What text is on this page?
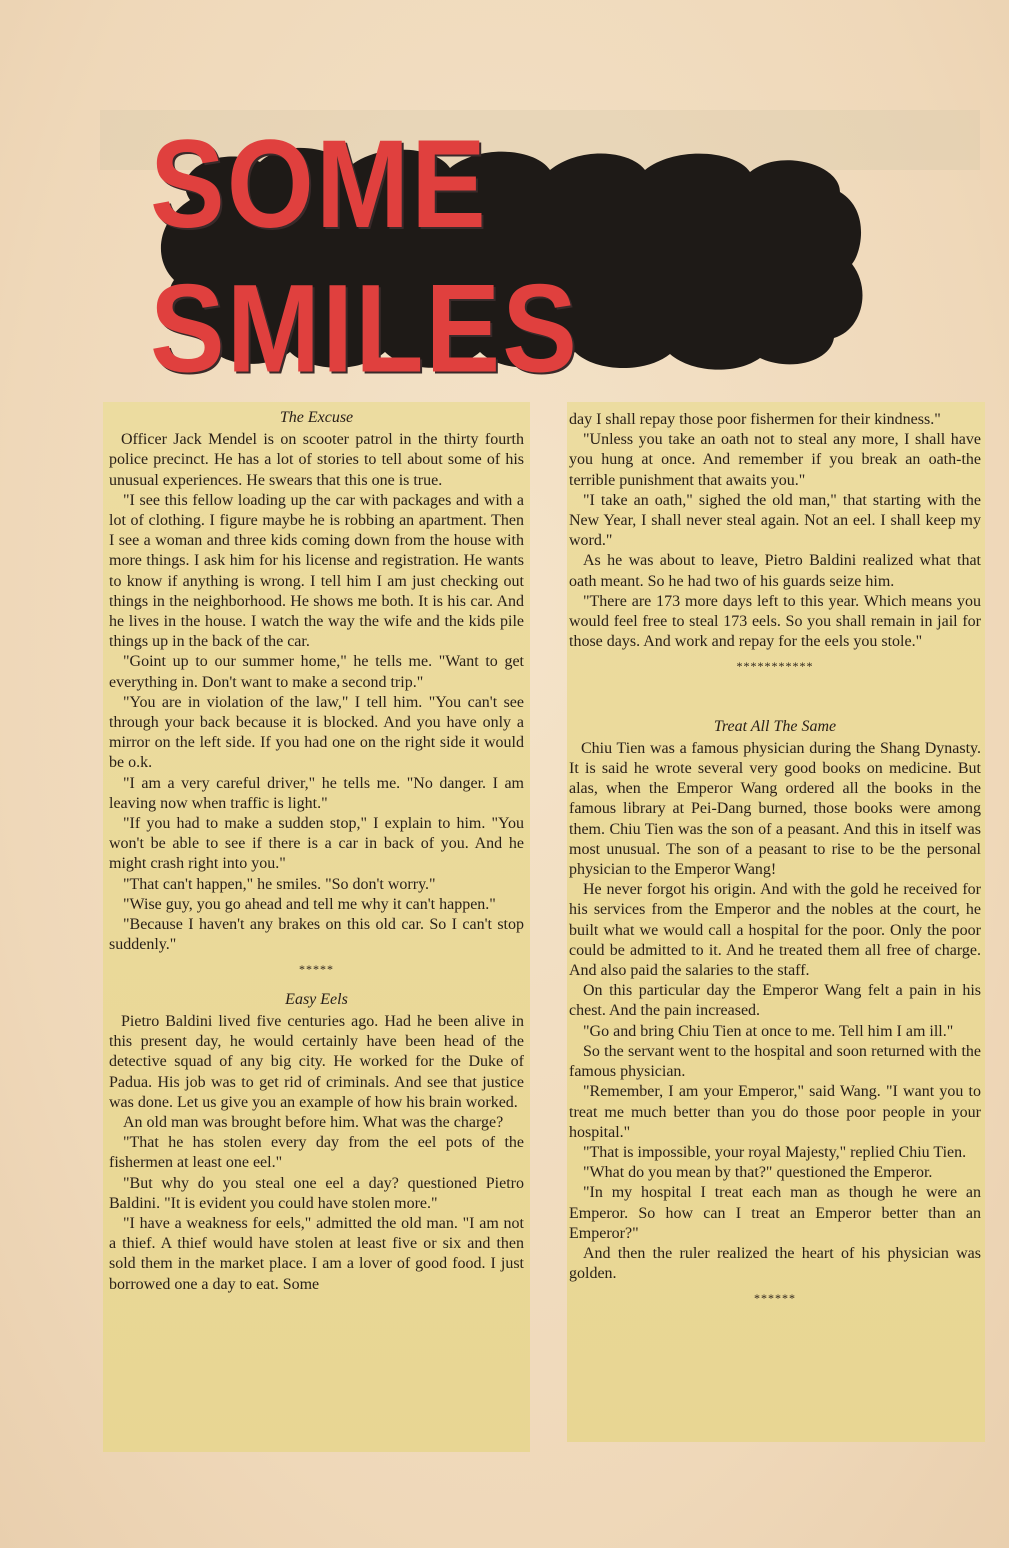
SOME SMILES
The Excuse

Officer Jack Mendel is on scooter patrol in the thirty fourth police precinct. He has a lot of stories to tell about some of his unusual experiences. He swears that this one is true.

"I see this fellow loading up the car with packages and with a lot of clothing. I figure maybe he is robbing an apartment. Then I see a woman and three kids coming down from the house with more things. I ask him for his license and registration. He wants to know if anything is wrong. I tell him I am just checking out things in the neighborhood. He shows me both. It is his car. And he lives in the house. I watch the way the wife and the kids pile things up in the back of the car.

"Goint up to our summer home," he tells me. "Want to get everything in. Don't want to make a second trip."

"You are in violation of the law," I tell him. "You can't see through your back because it is blocked. And you have only a mirror on the left side. If you had one on the right side it would be o.k.

"I am a very careful driver," he tells me. "No danger. I am leaving now when traffic is light."

"If you had to make a sudden stop," I explain to him. "You won't be able to see if there is a car in back of you. And he might crash right into you."

"That can't happen," he smiles. "So don't worry."

"Wise guy, you go ahead and tell me why it can't happen."

"Because I haven't any brakes on this old car. So I can't stop suddenly."

*****
Easy Eels

Pietro Baldini lived five centuries ago. Had he been alive in this present day, he would certainly have been head of the detective squad of any big city. He worked for the Duke of Padua. His job was to get rid of criminals. And see that justice was done. Let us give you an example of how his brain worked.

An old man was brought before him. What was the charge?

"That he has stolen every day from the eel pots of the fishermen at least one eel."

"But why do you steal one eel a day? questioned Pietro Baldini. "It is evident you could have stolen more."

"I have a weakness for eels," admitted the old man. "I am not a thief. A thief would have stolen at least five or six and then sold them in the market place. I am a lover of good food. I just borrowed one a day to eat. Some

day I shall repay those poor fishermen for their kindness."

"Unless you take an oath not to steal any more, I shall have you hung at once. And remember if you break an oath-the terrible punishment that awaits you."

"I take an oath," sighed the old man," that starting with the New Year, I shall never steal again. Not an eel. I shall keep my word."

As he was about to leave, Pietro Baldini realized what that oath meant. So he had two of his guards seize him.

"There are 173 more days left to this year. Which means you would feel free to steal 173 eels. So you shall remain in jail for those days. And work and repay for the eels you stole."

***********
Treat All The Same

Chiu Tien was a famous physician during the Shang Dynasty. It is said he wrote several very good books on medicine. But alas, when the Emperor Wang ordered all the books in the famous library at Pei-Dang burned, those books were among them. Chiu Tien was the son of a peasant. And this in itself was most unusual. The son of a peasant to rise to be the personal physician to the Emperor Wang!

He never forgot his origin. And with the gold he received for his services from the Emperor and the nobles at the court, he built what we would call a hospital for the poor. Only the poor could be admitted to it. And he treated them all free of charge. And also paid the salaries to the staff.

On this particular day the Emperor Wang felt a pain in his chest. And the pain increased.

"Go and bring Chiu Tien at once to me. Tell him I am ill."

So the servant went to the hospital and soon returned with the famous physician.

"Remember, I am your Emperor," said Wang. "I want you to treat me much better than you do those poor people in your hospital."

"That is impossible, your royal Majesty," replied Chiu Tien.

"What do you mean by that?" questioned the Emperor.

"In my hospital I treat each man as though he were an Emperor. So how can I treat an Emperor better than an Emperor?"

And then the ruler realized the heart of his physician was golden.

******
